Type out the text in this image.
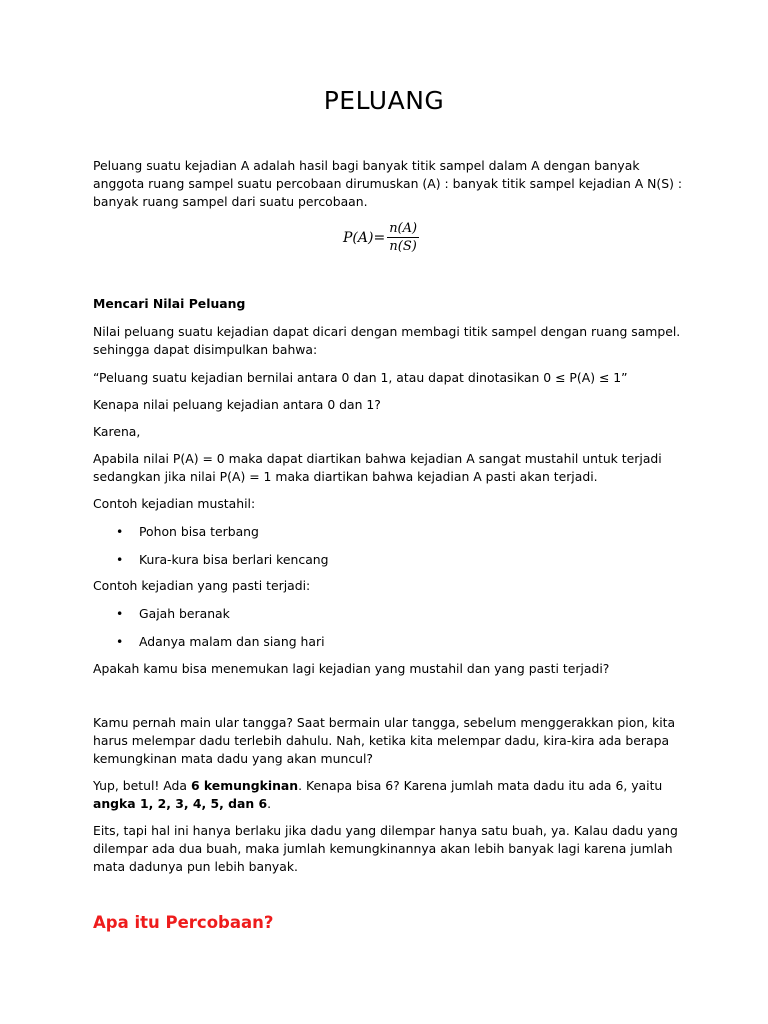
PELUANG

Peluang suatu kejadian A adalah hasil bagi banyak titik sampel dalam A dengan banyak anggota ruang sampel suatu percobaan dirumuskan (A) : banyak titik sampel kejadian A N(S) : banyak ruang sampel dari suatu percobaan.

$P(A)= \frac{n(A)}{n(S)}$

Mencari Nilai Peluang

Nilai peluang suatu kejadian dapat dicari dengan membagi titik sampel dengan ruang sampel. sehingga dapat disimpulkan bahwa:

“Peluang suatu kejadian bernilai antara 0 dan 1, atau dapat dinotasikan 0 ≤ P(A) ≤ 1”

Kenapa nilai peluang kejadian antara 0 dan 1?

Karena,

Apabila nilai P(A) = 0 maka dapat diartikan bahwa kejadian A sangat mustahil untuk terjadi sedangkan jika nilai P(A) = 1 maka diartikan bahwa kejadian A pasti akan terjadi.

Contoh kejadian mustahil:

• Pohon bisa terbang
• Kura-kura bisa berlari kencang

Contoh kejadian yang pasti terjadi:

• Gajah beranak
• Adanya malam dan siang hari

Apakah kamu bisa menemukan lagi kejadian yang mustahil dan yang pasti terjadi?

Kamu pernah main ular tangga? Saat bermain ular tangga, sebelum menggerakkan pion, kita harus melempar dadu terlebih dahulu. Nah, ketika kita melempar dadu, kira-kira ada berapa kemungkinan mata dadu yang akan muncul?

Yup, betul! Ada 6 kemungkinan. Kenapa bisa 6? Karena jumlah mata dadu itu ada 6, yaitu angka 1, 2, 3, 4, 5, dan 6.

Eits, tapi hal ini hanya berlaku jika dadu yang dilempar hanya satu buah, ya. Kalau dadu yang dilempar ada dua buah, maka jumlah kemungkinannya akan lebih banyak lagi karena jumlah mata dadunya pun lebih banyak.

Apa itu Percobaan?
